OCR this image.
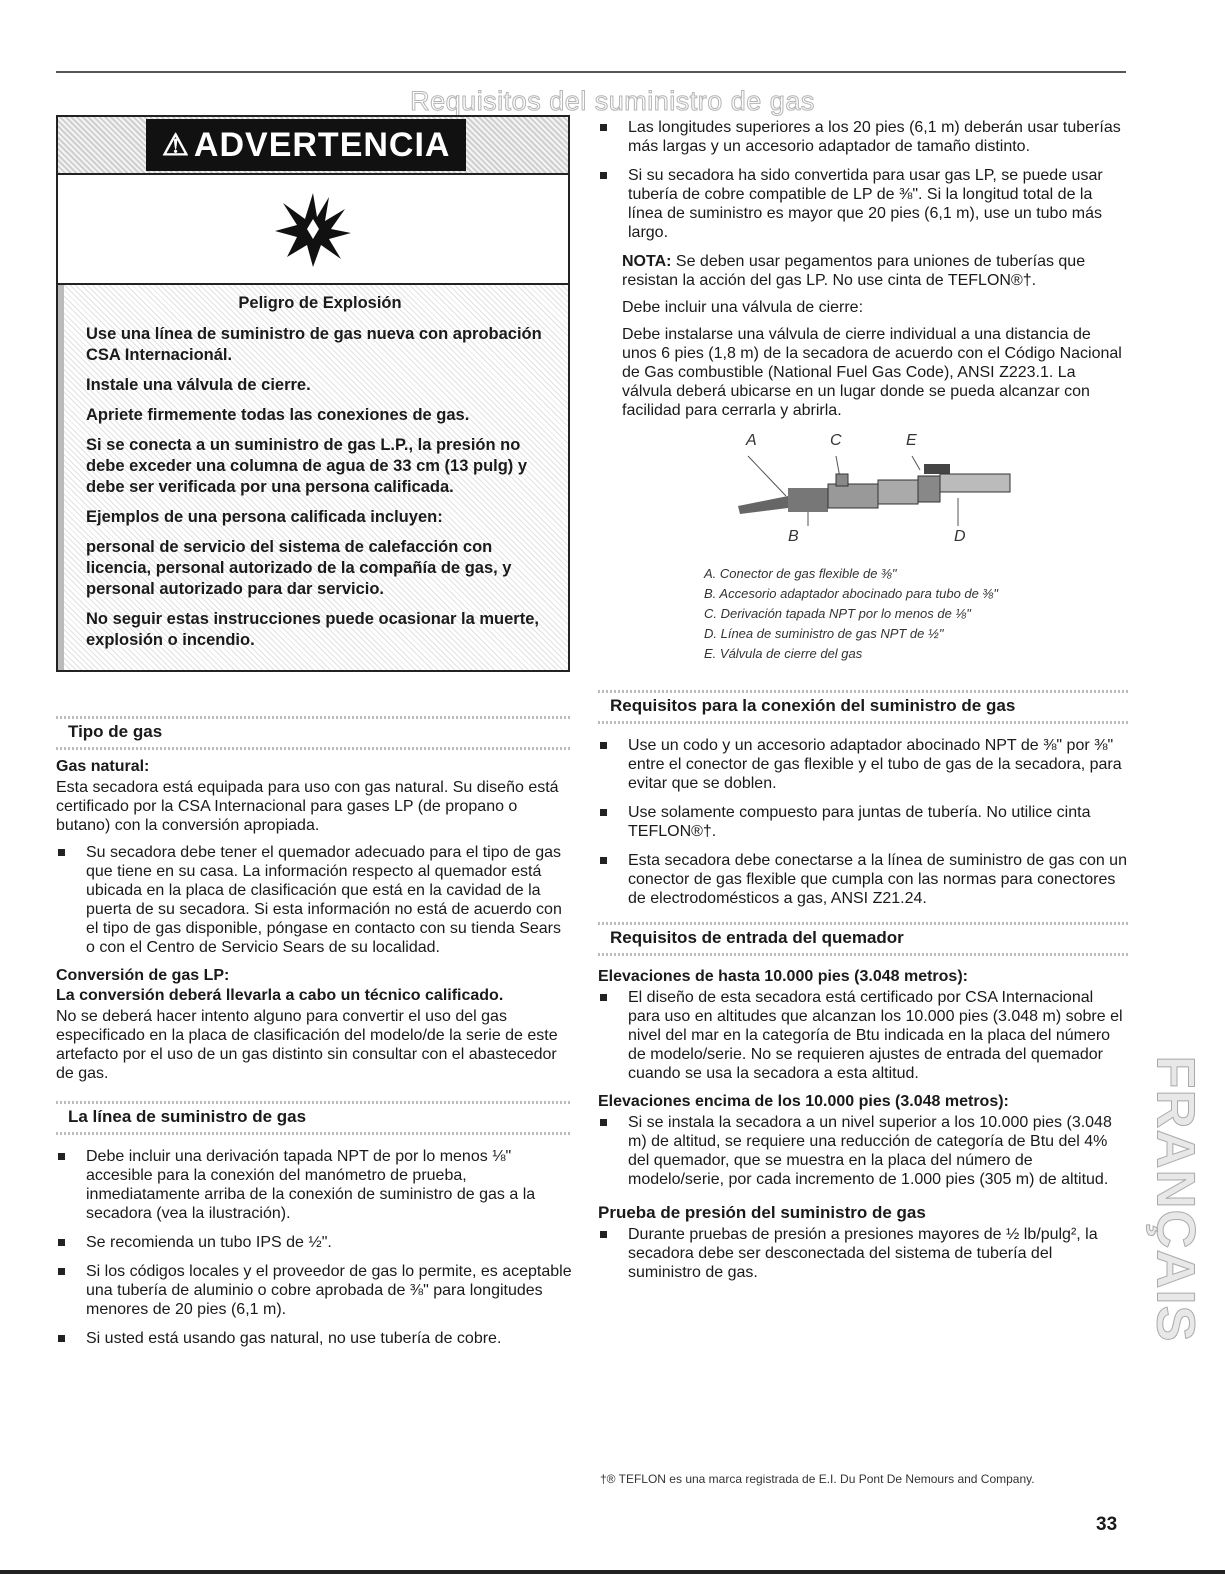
Requisitos del suministro de gas
⚠ ADVERTENCIA
Peligro de Explosión

Use una línea de suministro de gas nueva con aprobación CSA Internacionál.

Instale una válvula de cierre.

Apriete firmemente todas las conexiones de gas.

Si se conecta a un suministro de gas L.P., la presión no debe exceder una columna de agua de 33 cm (13 pulg) y debe ser verificada por una persona calificada.

Ejemplos de una persona calificada incluyen:

personal de servicio del sistema de calefacción con licencia, personal autorizado de la compañía de gas, y personal autorizado para dar servicio.

No seguir estas instrucciones puede ocasionar la muerte, explosión o incendio.

Tipo de gas
Gas natural:

Esta secadora está equipada para uso con gas natural. Su diseño está certificado por la CSA Internacional para gases LP (de propano o butano) con la conversión apropiada.

Su secadora debe tener el quemador adecuado para el tipo de gas que tiene en su casa. La información respecto al quemador está ubicada en la placa de clasificación que está en la cavidad de la puerta de su secadora. Si esta información no está de acuerdo con el tipo de gas disponible, póngase en contacto con su tienda Sears o con el Centro de Servicio Sears de su localidad.
Conversión de gas LP:
La conversión deberá llevarla a cabo un técnico calificado.

No se deberá hacer intento alguno para convertir el uso del gas especificado en la placa de clasificación del modelo/de la serie de este artefacto por el uso de un gas distinto sin consultar con el abastecedor de gas.

La línea de suministro de gas
Debe incluir una derivación tapada NPT de por lo menos ⅛" accesible para la conexión del manómetro de prueba, inmediatamente arriba de la conexión de suministro de gas a la secadora (vea la ilustración).
Se recomienda un tubo IPS de ½".
Si los códigos locales y el proveedor de gas lo permite, es aceptable una tubería de aluminio o cobre aprobada de ⅜" para longitudes menores de 20 pies (6,1 m).
Si usted está usando gas natural, no use tubería de cobre.
Las longitudes superiores a los 20 pies (6,1 m) deberán usar tuberías más largas y un accesorio adaptador de tamaño distinto.
Si su secadora ha sido convertida para usar gas LP, se puede usar tubería de cobre compatible de LP de ⅜". Si la longitud total de la línea de suministro es mayor que 20 pies (6,1 m), use un tubo más largo.

NOTA: Se deben usar pegamentos para uniones de tuberías que resistan la acción del gas LP. No use cinta de TEFLON®†.

Debe incluir una válvula de cierre:

Debe instalarse una válvula de cierre individual a una distancia de unos 6 pies (1,8 m) de la secadora de acuerdo con el Código Nacional de Gas combustible (National Fuel Gas Code), ANSI Z223.1. La válvula deberá ubicarse en un lugar donde se pueda alcanzar con facilidad para cerrarla y abrirla.

A	C	E
B	D
A. Conector de gas flexible de ⅜"
B. Accesorio adaptador abocinado para tubo de ⅜"
C. Derivación tapada NPT por lo menos de ⅛"
D. Línea de suministro de gas NPT de ½"
E. Válvula de cierre del gas
Requisitos para la conexión del suministro de gas
Use un codo y un accesorio adaptador abocinado NPT de ⅜" por ⅜" entre el conector de gas flexible y el tubo de gas de la secadora, para evitar que se doblen.
Use solamente compuesto para juntas de tubería. No utilice cinta TEFLON®†.
Esta secadora debe conectarse a la línea de suministro de gas con un conector de gas flexible que cumpla con las normas para conectores de electrodomésticos a gas, ANSI Z21.24.
Requisitos de entrada del quemador
Elevaciones de hasta 10.000 pies (3.048 metros):
El diseño de esta secadora está certificado por CSA Internacional para uso en altitudes que alcanzan los 10.000 pies (3.048 m) sobre el nivel del mar en la categoría de Btu indicada en la placa del número de modelo/serie. No se requieren ajustes de entrada del quemador cuando se usa la secadora a esta altitud.
Elevaciones encima de los 10.000 pies (3.048 metros):
Si se instala la secadora a un nivel superior a los 10.000 pies (3.048 m) de altitud, se requiere una reducción de categoría de Btu del 4% del quemador, que se muestra en la placa del número de modelo/serie, por cada incremento de 1.000 pies (305 m) de altitud.
Prueba de presión del suministro de gas
Durante pruebas de presión a presiones mayores de ½ lb/pulg², la secadora debe ser desconectada del sistema de tubería del suministro de gas.
†® TEFLON es una marca registrada de E.I. Du Pont De Nemours and Company.
33
FRANÇAIS
